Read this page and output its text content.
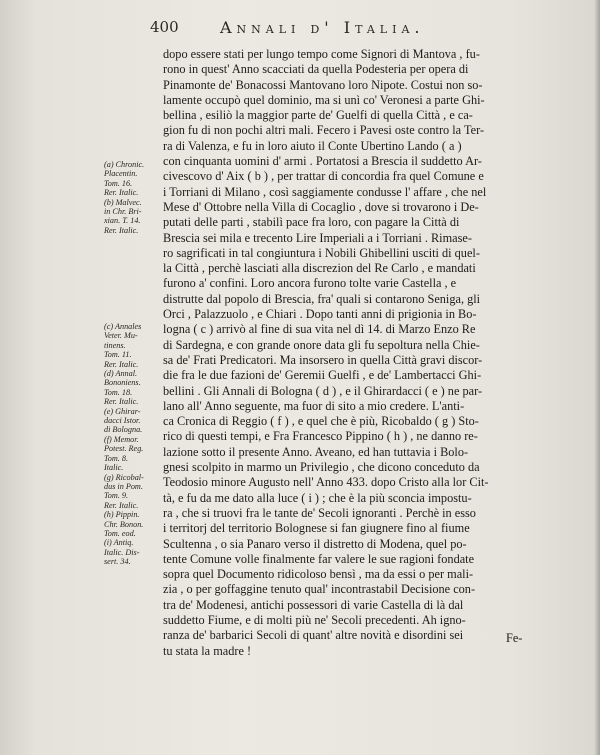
400	Annali d' Italia.
dopo essere stati per lungo tempo come Signori di Mantova , fu-
rono in quest' Anno scacciati da quella Podesteria per opera di
Pinamonte de' Bonacossi Mantovano loro Nipote. Costui non so-
lamente occupò quel dominio, ma si unì co' Veronesi a parte Ghi-
bellina , esiliò la maggior parte de' Guelfi di quella Città , e ca-
gion fu di non pochi altri mali. Fecero i Pavesi oste contro la Ter-
ra di Valenza, e fu in loro aiuto il Conte Ubertino Lando ( a )
con cinquanta uomini d' armi . Portatosi a Brescia il suddetto Ar-
civescovo d' Aix ( b ) , per trattar di concordia fra quel Comune e
i Torriani di Milano , così saggiamente condusse l' affare , che nel
Mese d' Ottobre nella Villa di Cocaglio , dove si trovarono i De-
putati delle parti , stabilì pace fra loro, con pagare la Città di
Brescia sei mila e trecento Lire Imperiali a i Torriani . Rimase-
ro sagrificati in tal congiuntura i Nobili Ghibellini usciti di quel-
la Città , perchè lasciati alla discrezion del Re Carlo , e mandati
furono a' confini. Loro ancora furono tolte varie Castella , e
distrutte dal popolo di Brescia, fra' quali si contarono Seniga, gli
Orci , Palazzuolo , e Chiari . Dopo tanti anni di prigionia in Bo-
logna ( c ) arrivò al fine di sua vita nel dì 14. di Marzo Enzo Re
di Sardegna, e con grande onore data gli fu sepoltura nella Chie-
sa de' Frati Predicatori. Ma insorsero in quella Città gravi discor-
die fra le due fazioni de' Geremii Guelfi , e de' Lambertacci Ghi-
bellini . Gli Annali di Bologna ( d ) , e il Ghirardacci ( e ) ne par-
lano all' Anno seguente, ma fuor di sito a mio credere. L'anti-
ca Cronica di Reggio ( f ) , e quel che è più, Ricobaldo ( g ) Sto-
rico di questi tempi, e Fra Francesco Pippino ( h ) , ne danno re-
lazione sotto il presente Anno. Aveano, ed han tuttavia i Bolo-
gnesi scolpito in marmo un Privilegio , che dicono conceduto da
Teodosio minore Augusto nell' Anno 433. dopo Cristo alla lor Cit-
tà, e fu da me dato alla luce ( i ) ; che è la più sconcia impostu-
ra , che si truovi fra le tante de' Secoli ignoranti . Perchè in esso
i territorj del territorio Bolognese si fan giugnere fino al fiume
Scultenna , o sia Panaro verso il distretto di Modena, quel po-
tente Comune volle finalmente far valere le sue ragioni fondate
sopra quel Documento ridicoloso bensì , ma da essi o per mali-
zia , o per goffaggine tenuto qual' incontrastabil Decisione con-
tra de' Modenesi, antichi possessori di varie Castella di là dal
suddetto Fiume, e di molti più ne' Secoli precedenti. Ah igno-
ranza de' barbarici Secoli di quant' altre novità e disordini sei
tu stata la madre !
(a) Chronic.
Placentin.
Tom. 16.
Rer. Italic.
(b) Malvec.
in Chr. Bri-
xian. T. 14.
Rer. Italic.
(c) Annales
Veter. Mu-
tinens.
Tom. 11.
Rer. Italic.
(d) Annal.
Bononiens.
Tom. 18.
Rer. Italic.
(e) Ghirar-
dacci Istor.
di Bologna.
(f) Memor.
Potest. Reg.
Tom. 8.
Italic.
(g) Ricobal-
dus in Pom.
Tom. 9.
Rer. Italic.
(h) Pippin.
Chr. Bonon.
Tom. eod.
(i) Antiq.
Italic. Dis-
sert. 34.
Fe-
